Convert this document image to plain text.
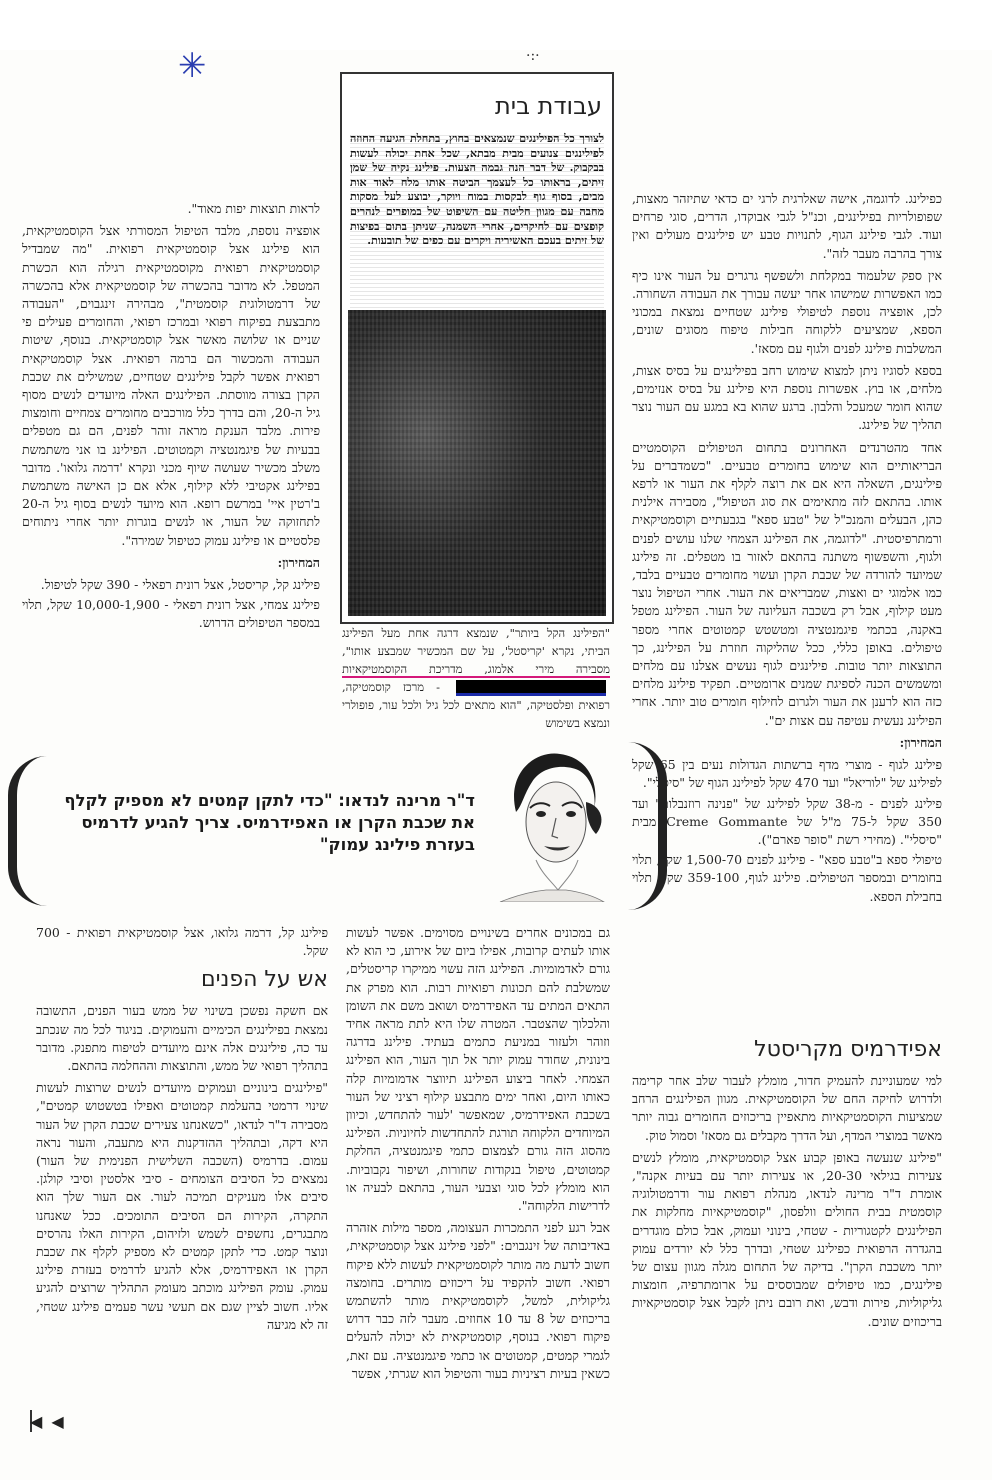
✳	·:·

כפילינג. לדוגמה, אישה שאלרגית לרגי ים כדאי שתיזהר מאצות, שפופולריות בפילינגים, וכנ"ל לגבי אבוקדו, הדרים, סוגי פרחים ועוד. לגבי פילינג הגוף, לתנויות טבע יש פילינגים מעולים ואין צורך בהרבה מעבר לזה".

אין ספק שלעמוד במקלחת ולשפשף גרגרים על העור אינו כיף כמו האפשרות שמישהו אחר יעשה עבורך את העבודה השחורה. לכן, אופציה נוספת לטיפולי פילינג שטחיים נמצאת במכוני הספא, שמציעים ללקוחה חבילות טיפוח מסוגים שונים, המשלבות פילינג לפנים ולגוף עם מסאז'.

בספא לסוגיו ניתן למצוא שימוש רחב בפילינגים על בסיס אצות, מלחים, או בוץ. אפשרות נוספת היא פילינג על בסיס אנזימים, שהוא חומר שמעכל והלבון. ברגע שהוא בא במגע עם העור נוצר תהליך של פילינג.

אחד מהטרנדים האחרונים בתחום הטיפולים הקוסמטיים הבריאותיים הוא שימוש בחומרים טבעיים. "כשמדברים על פילינגים, השאלה היא אם את רוצה לקלף את העור או לרפא אותו. בהתאם לזה מתאימים את סוג הטיפול", מסבירה אילנית כהן, הבעלים והמנכ"ל של "טבע ספא" בגבעתיים וקוסמטיקאית ורמתרפיסטית. "לדוגמה, את הפילינג הצמחי שלנו עושים לפנים ולגוף, והשפשוף משתנה בהתאם לאזור בו מטפלים. זה פילינג שמיועד להורדה של שכבת הקרן ועשוי מחומרים טבעיים בלבד, כמו אלמוגי ים ואצות, שמבריאים את העור. אחרי הטיפול נוצר מעט קילוף, אבל רק בשכבה העליונה של העור. הפילינג מטפל באקנה, בכתמי פיגמנטציה ומטשטש קמטוטים אחרי מספר טיפולים. באופן כללי, ככל שהליקוה חוזרת על הפילינג, כך התוצאות יותר טובות. פילינגים לגוף נעשים אצלנו עם מלחים ומשמשים הכנה לספיגת שמנים ארומטיים. תפקיד פילינג מלחים כזה הוא לרענן את העור ולגרום לחילוף חומרים טוב יותר. אחרי הפילינג נעשית עטיפה עם אצות ים".

המחירון:

פילינג לגוף - מוצרי מדף ברשתות הגדולות נעים בין 65 שקל לפילינג של "לוריאל" ועד 470 שקל לפילינג הגוף של "סיסלי".

פילינג לפנים - מ-38 שקל לפילינג של "פנינה רוזנבלום" ועד 350 שקל ל-75 מ"ל של Creme Gommante מבית "סיסלי". (מחירי רשת "סופר פארם").

טיפולי ספא ב"טבע ספא" - פילינג לפנים 1,500-70 שקל, תלוי בחומרים ובמספר הטיפולים. פילינג לגוף, 359-100 שקל, תלוי בחבילת הספא.

עבודת בית
לצורך כל הפילינגים שנמצאים בחוץ, בתחלת הגיעה החוזה לפילינגים צנועים מבית מבתא, שכל אחת יכולה לעשות בבקבוק. של דבר הנה גבמה הצעות. פילינג נקיה של שמן זיתים, בראותו כל לעצמך הביטה אותו מלח לאוד אות מבים, בסוף גוף לבקסות במוח ויוקר, יבוצע לעל מסקות מחבה עם מגוון חליטה עם השיפוט של במופרים לנהרים קופצים עם לחיקרים, אחרי השמנה, שניתן בתום בפיצות של זיתים בעכם האשיריה ויקרים עם כפים של תובעות.
"הפילינג הקל ביותר", שנמצא דרגה אחת מעל הפילינג הביתי, נקרא 'קריסטל', על שם המכשיר שמבצע אותו", מסבירה מירי אלמוג, מדריכת הקוסמטיקאיות  - מרכז קוסמטיקה, רפואית ופלסטיקה, "הוא מתאים לכל גיל ולכל עור, פופולרי ונמצא בשימוש

לראות תוצאות יפות מאוד".

אופציה נוספת, מלבד הטיפול המסורתי אצל הקוסמטיקאית, הוא פילינג אצל קוסמטיקאית רפואית. "מה שמבדיל קוסמטיקאית רפואית מקוסמטיקאית רגילה הוא הכשרת המטפל. לא מדובר בהכשרה של קוסמטיקאית אלא בהכשרה של דרמטולוגית קוסמטית", מבהירה זינגבוים, "העבודה מתבצעת בפיקוח רפואי ובמרכז רפואי, והחומרים פעילים פי שניים או שלושה מאשר אצל קוסמטיקאית. בנוסף, שיטות העבודה והמכשור הם ברמה רפואית. אצל קוסמטיקאית רפואית אפשר לקבל פילינגים שטחיים, שמשילים את שכבת הקרן בצורה מווסתת. הפילינגים האלה מיועדים לנשים מסוף גיל ה-20, והם בדרך כלל מורכבים מחומרים צמחיים וחומצות פירות. מלבד הענקת מראה זוהר לפנים, הם גם מטפלים בבעיות של פיגמנטציה וקמטוטים. הפילינג בו אני משתמשת משלב מכשיר שעושה שיוף מכני ונקרא 'דרמה גלואו'. מדובר בפילינג אקטיבי ללא קילוף, אלא אם כן האישה משתמשת ב'רטין איי' במרשם רופא. הוא מיועד לנשים בסוף גיל ה-20 לתחזוקה של העור, או לנשים בוגרות יותר אחרי ניתוחים פלסטיים או פילינג עמוק כטיפול שמירה".

המחירון:

פילינג קל, קריסטל, אצל רונית רפאלי - 390 שקל לטיפול.

פילינג צמחי, אצל רונית רפאלי - 10,000-1,900 שקל, תלוי במספר הטיפולים הדרוש.

ד"ר מרינה לנדאו: "כדי לתקן קמטים לא מספיק לקלף את שכבת הקרן או האפידרמיס. צריך להגיע לדרמיס בעזרת פילינג עמוק"
אפידרמיס מקריסטל

למי שמעוניינת להעמיק חדור, מומלץ לעבור שלב אחר קרימה ולדרוש לחיקה החם של הקוסמטיקאית. מגוון הפילינגים הרחב שמציעות הקוסמטיקאיות מתאפיין בריכוזים החומרים גבוה יותר מאשר במוצרי המדף, ועל הדרך מקבלים גם מסאז' וסמול טוק.

"פילינג שנעשה באופן קבוע אצל קוסמטיקאית, מומלץ לנשים צעירות בגילאי 20-30, או צעירות יותר עם בעיות אקנה", אומרת ד"ר מרינה לנדאו, מנהלת רפואת עור ודרמטולוגיה קוסמטית בבית החולים וולפסון, "קוסמטיקאיות מחלקות את הפילינגים לקטגוריות - שטחי, בינוני ועמוק, אבל כולם מוגדרים בהגדרה הרפואית כפילינג שטחי, ובדרך כלל לא יורדים עמוק יותר משכבת הקרן". בדיקה של התחום מגלה מגוון עצום של פילינגים, כמו טיפולים שמבוססים על ארומתרפיה, חומצות גליקוליות, פירות ודבש, ואת רובם ניתן לקבל אצל קוסמטיקאיות בריכוזים שונים.

גם במכונים אחרים בשינויים מסוימים. אפשר לעשות אותו לעתים קרובות, אפילו ביום של אירוע, כי הוא לא גורם לאדמומיות. הפילינג הזה עשוי ממיקרו קריסטלים, שמשלבת להם תכונות רפואיות רבות. הוא מפרק את התאים המתים עד האפידרמיס ושואב משם את השומן והלכלוך שהצטבר. המטרה שלו היא לתת מראה אחיד וזוהר ולעזור במניעת כתמים בעתיד. פילינג בדרגה בינונית, שחודר עמוק יותר אל תוך העור, הוא הפילינג הצמחי. לאחר ביצוע הפילינג תיווצר אדמומיות קלה כאותו היום, ואחר ימים מתבצע קילוף רציני של העור בשכבת האפידרמיס, שמאפשר 'לעור להתחדש, וכיוון המיוחדים הלקוחה תורגת להתחדשות לחיוניות. הפילינג מהסוג הזה גורם לצמצום כתמי פיגמנטציה, החלקת קמטוטים, טיפול בנקודות שחורות, ושיפור נקבוביות. הוא מומלץ לכל סוגי וצבעי העור, בהתאם לבעיה או לדרישות הלקוחה".

אבל רגע לפני התמכרות העצומה, מספר מילות אזהרה באדיבותה של זינגבוים: "לפני פילינג אצל קוסמטיקאית, חשוב לדעת מה מותר לקוסמטיקאית לעשות ללא פיקוח רפואי. חשוב להקפיד על ריכוזים מותרים. בחומצה גליקולית, למשל, לקוסמטיקאית מותר להשתמש בריכוזים של 8 עד 10 אחוזים. מעבר לזה כבר דרוש פיקוח רפואי. בנוסף, קוסמטיקאית לא יכולה להעלים לגמרי קמטים, קמטוטים או כתמי פיגמנטציה. עם זאת, כשאין בעיות רציניות בעור והטיפול הוא שגרתי, אפשר

פילינג קל, דרמה גלואו, אצל קוסמטיקאית רפואית - 700 שקל.

אש על הפנים

אם חשקה נפשכן בשינוי של ממש בעור הפנים, התשובה נמצאת בפילינגים הכימיים והעמוקים. בניגוד לכל מה שנכתב עד כה, פילינגים אלה אינם מיועדים לטיפוח מתפנק. מדובר בתהליך רפואי של ממש, והתוצאות וההחלמה בהתאם.

"פילינגים בינוניים ועמוקים מיועדים לנשים שרוצות לעשות שינוי דרמטי בהעלמת קמטוטים ואפילו בטשטוש קמטים", מסבירה ד"ר לנדאו, "כשאנחנו צעירים שכבת הקרן של העור היא דקה, ובתהליך ההזדקנות היא מתעבה, והעור נראה עמום. בדרמיס (השכבה השלישית הפנימית של העור) נמצאים כל הסיבים הצומחים - סיבי אלסטין וסיבי קולגן. סיבים אלו מעניקים תמיכה לעור. אם העור שלך הוא התקרה, הקירות הם הסיבים התומכים. ככל שאנחנו מתבגרים, נחשפים לשמש ולזיהום, הקירות האלו נהרסים ונוצר קמט. כדי לתקן קמטים לא מספיק לקלף את שכבת הקרן או האפידרמיס, אלא להגיע לדרמיס בעזרת פילינג עמוק. עומק הפילינג מוכתב מעומק התהליך שרוצים להגיע אליו. חשוב לציין שגם אם תעשי עשר פעמים פילינג שטחי, זה לא מגיעה

◀ ◀
